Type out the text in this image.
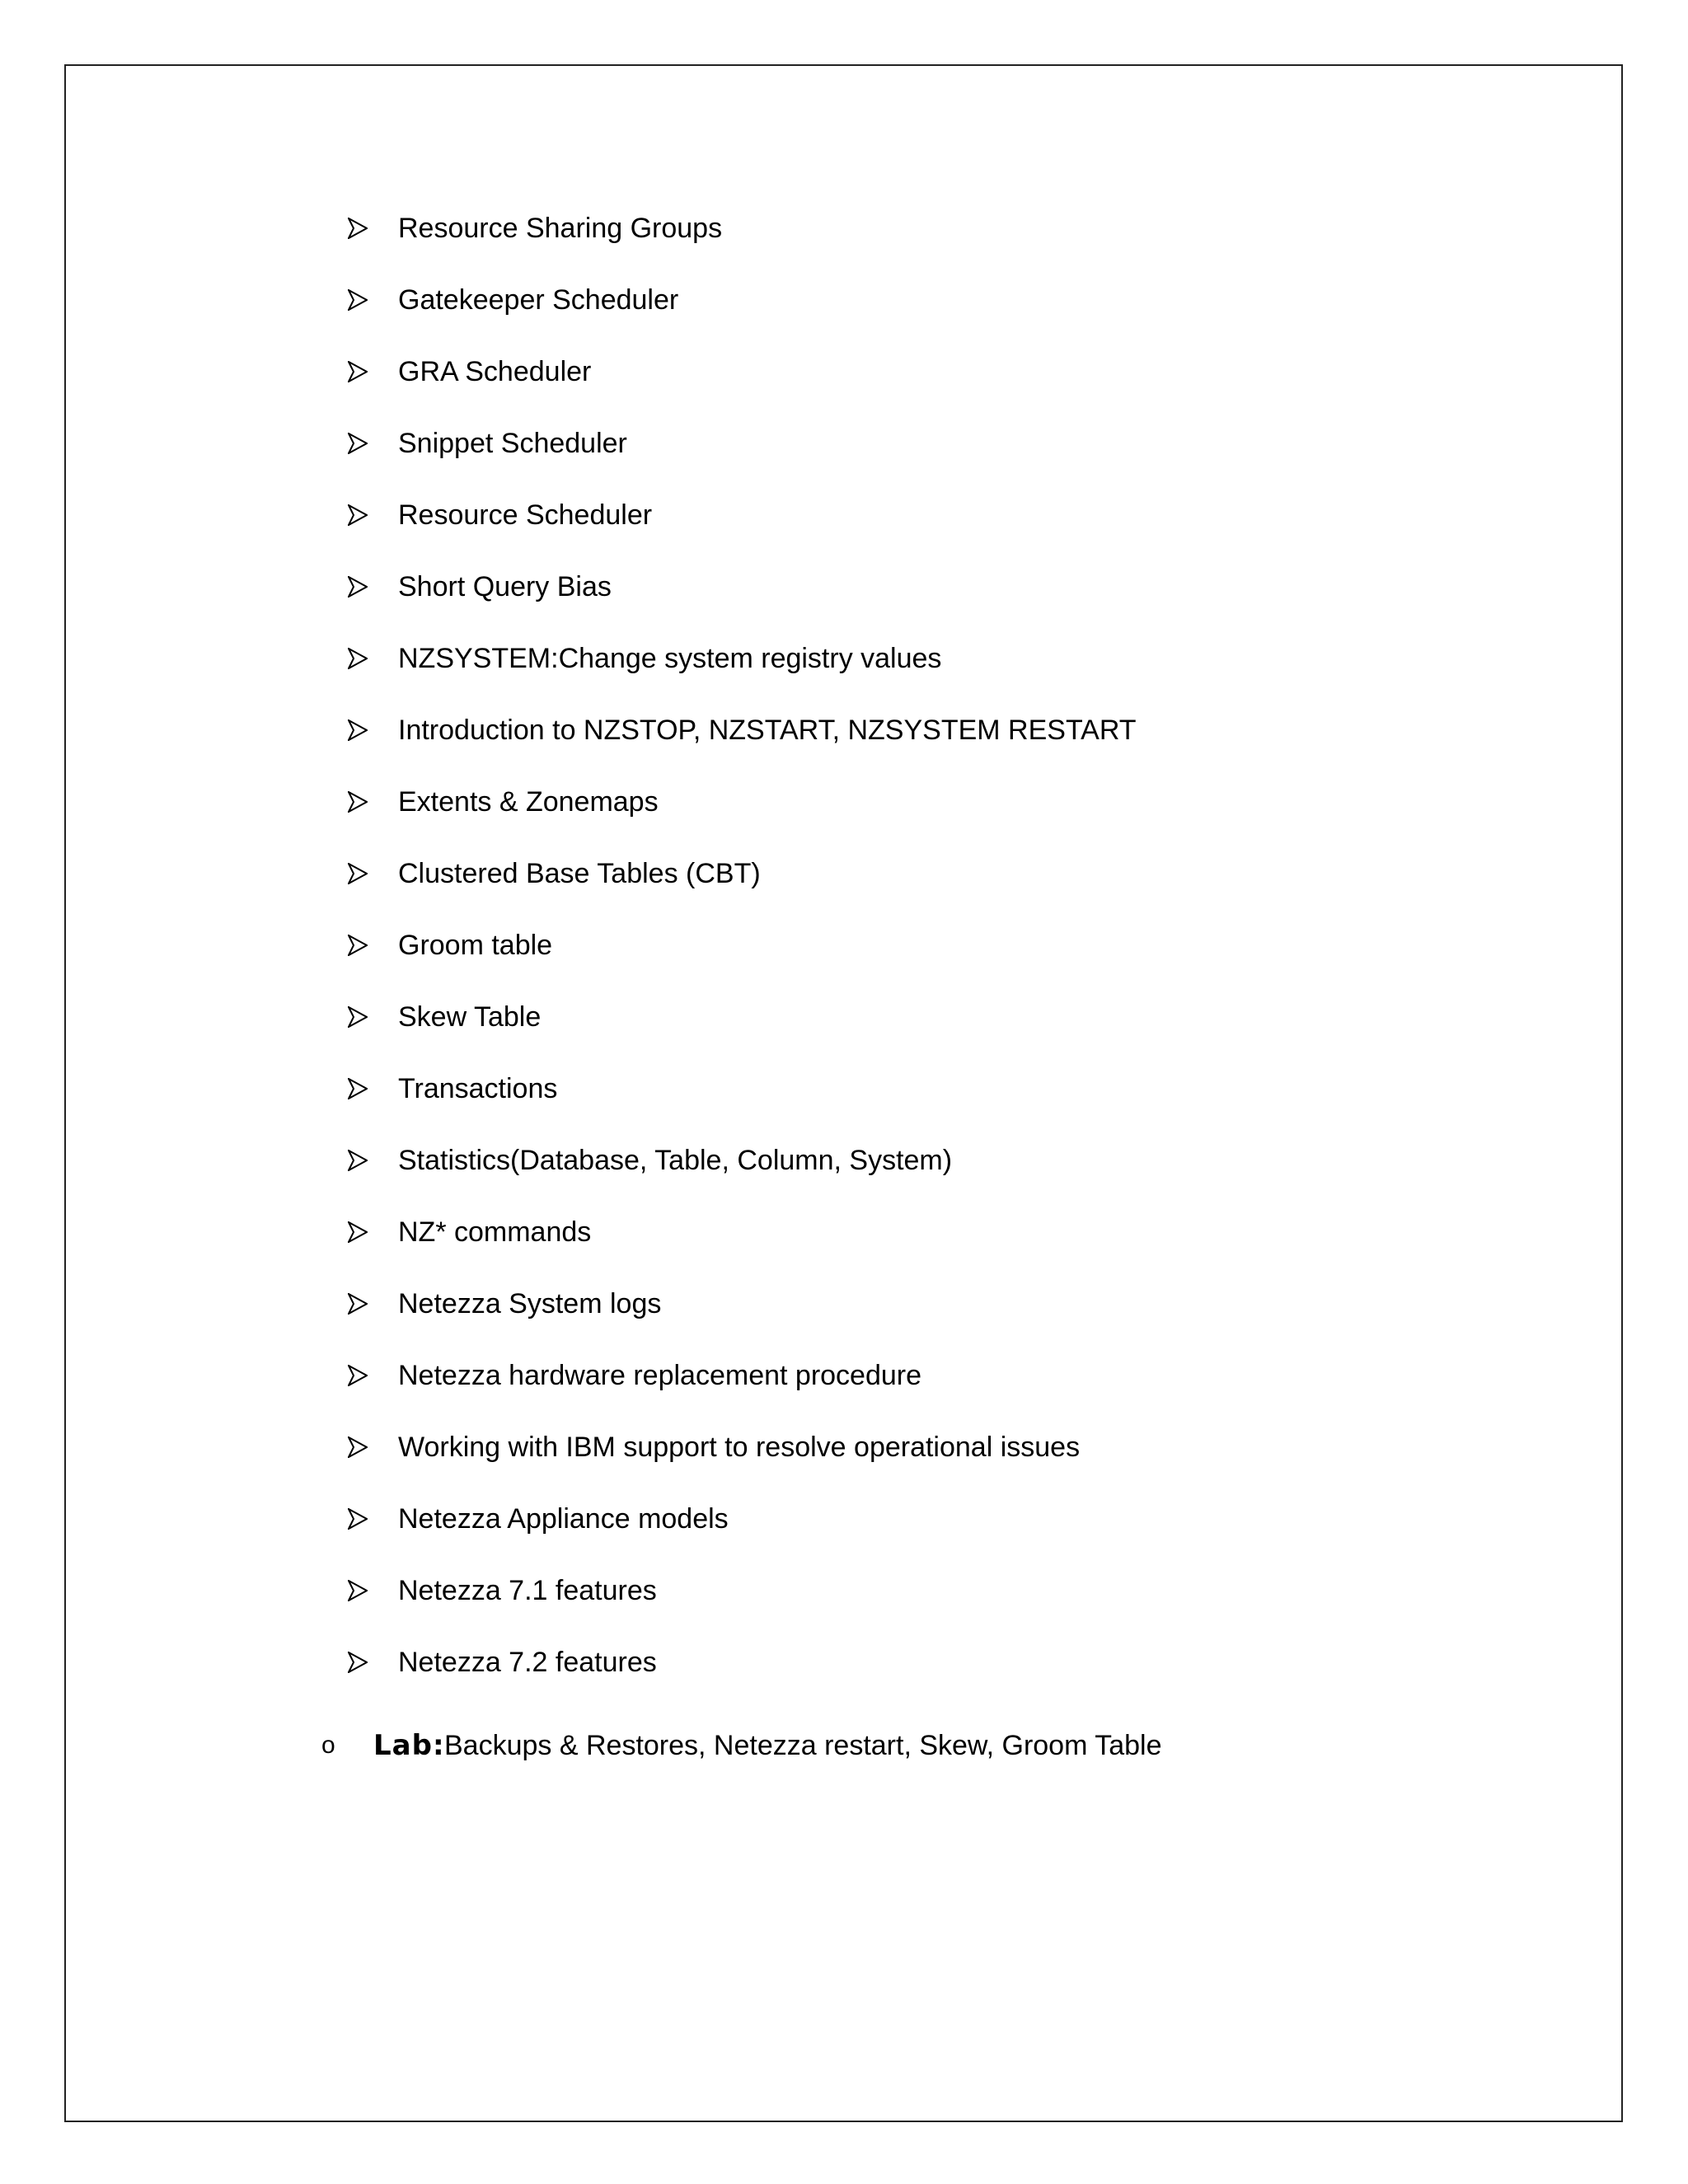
Resource Sharing Groups
Gatekeeper Scheduler
GRA Scheduler
Snippet Scheduler
Resource Scheduler
Short Query Bias
NZSYSTEM:Change system registry values
Introduction to NZSTOP, NZSTART, NZSYSTEM RESTART
Extents & Zonemaps
Clustered Base Tables (CBT)
Groom table
Skew Table
Transactions
Statistics(Database, Table, Column, System)
NZ* commands
Netezza System logs
Netezza hardware replacement procedure
Working with IBM support to resolve operational issues
Netezza Appliance models
Netezza 7.1 features
Netezza 7.2 features
o Lab: Backups & Restores, Netezza restart, Skew, Groom Table
